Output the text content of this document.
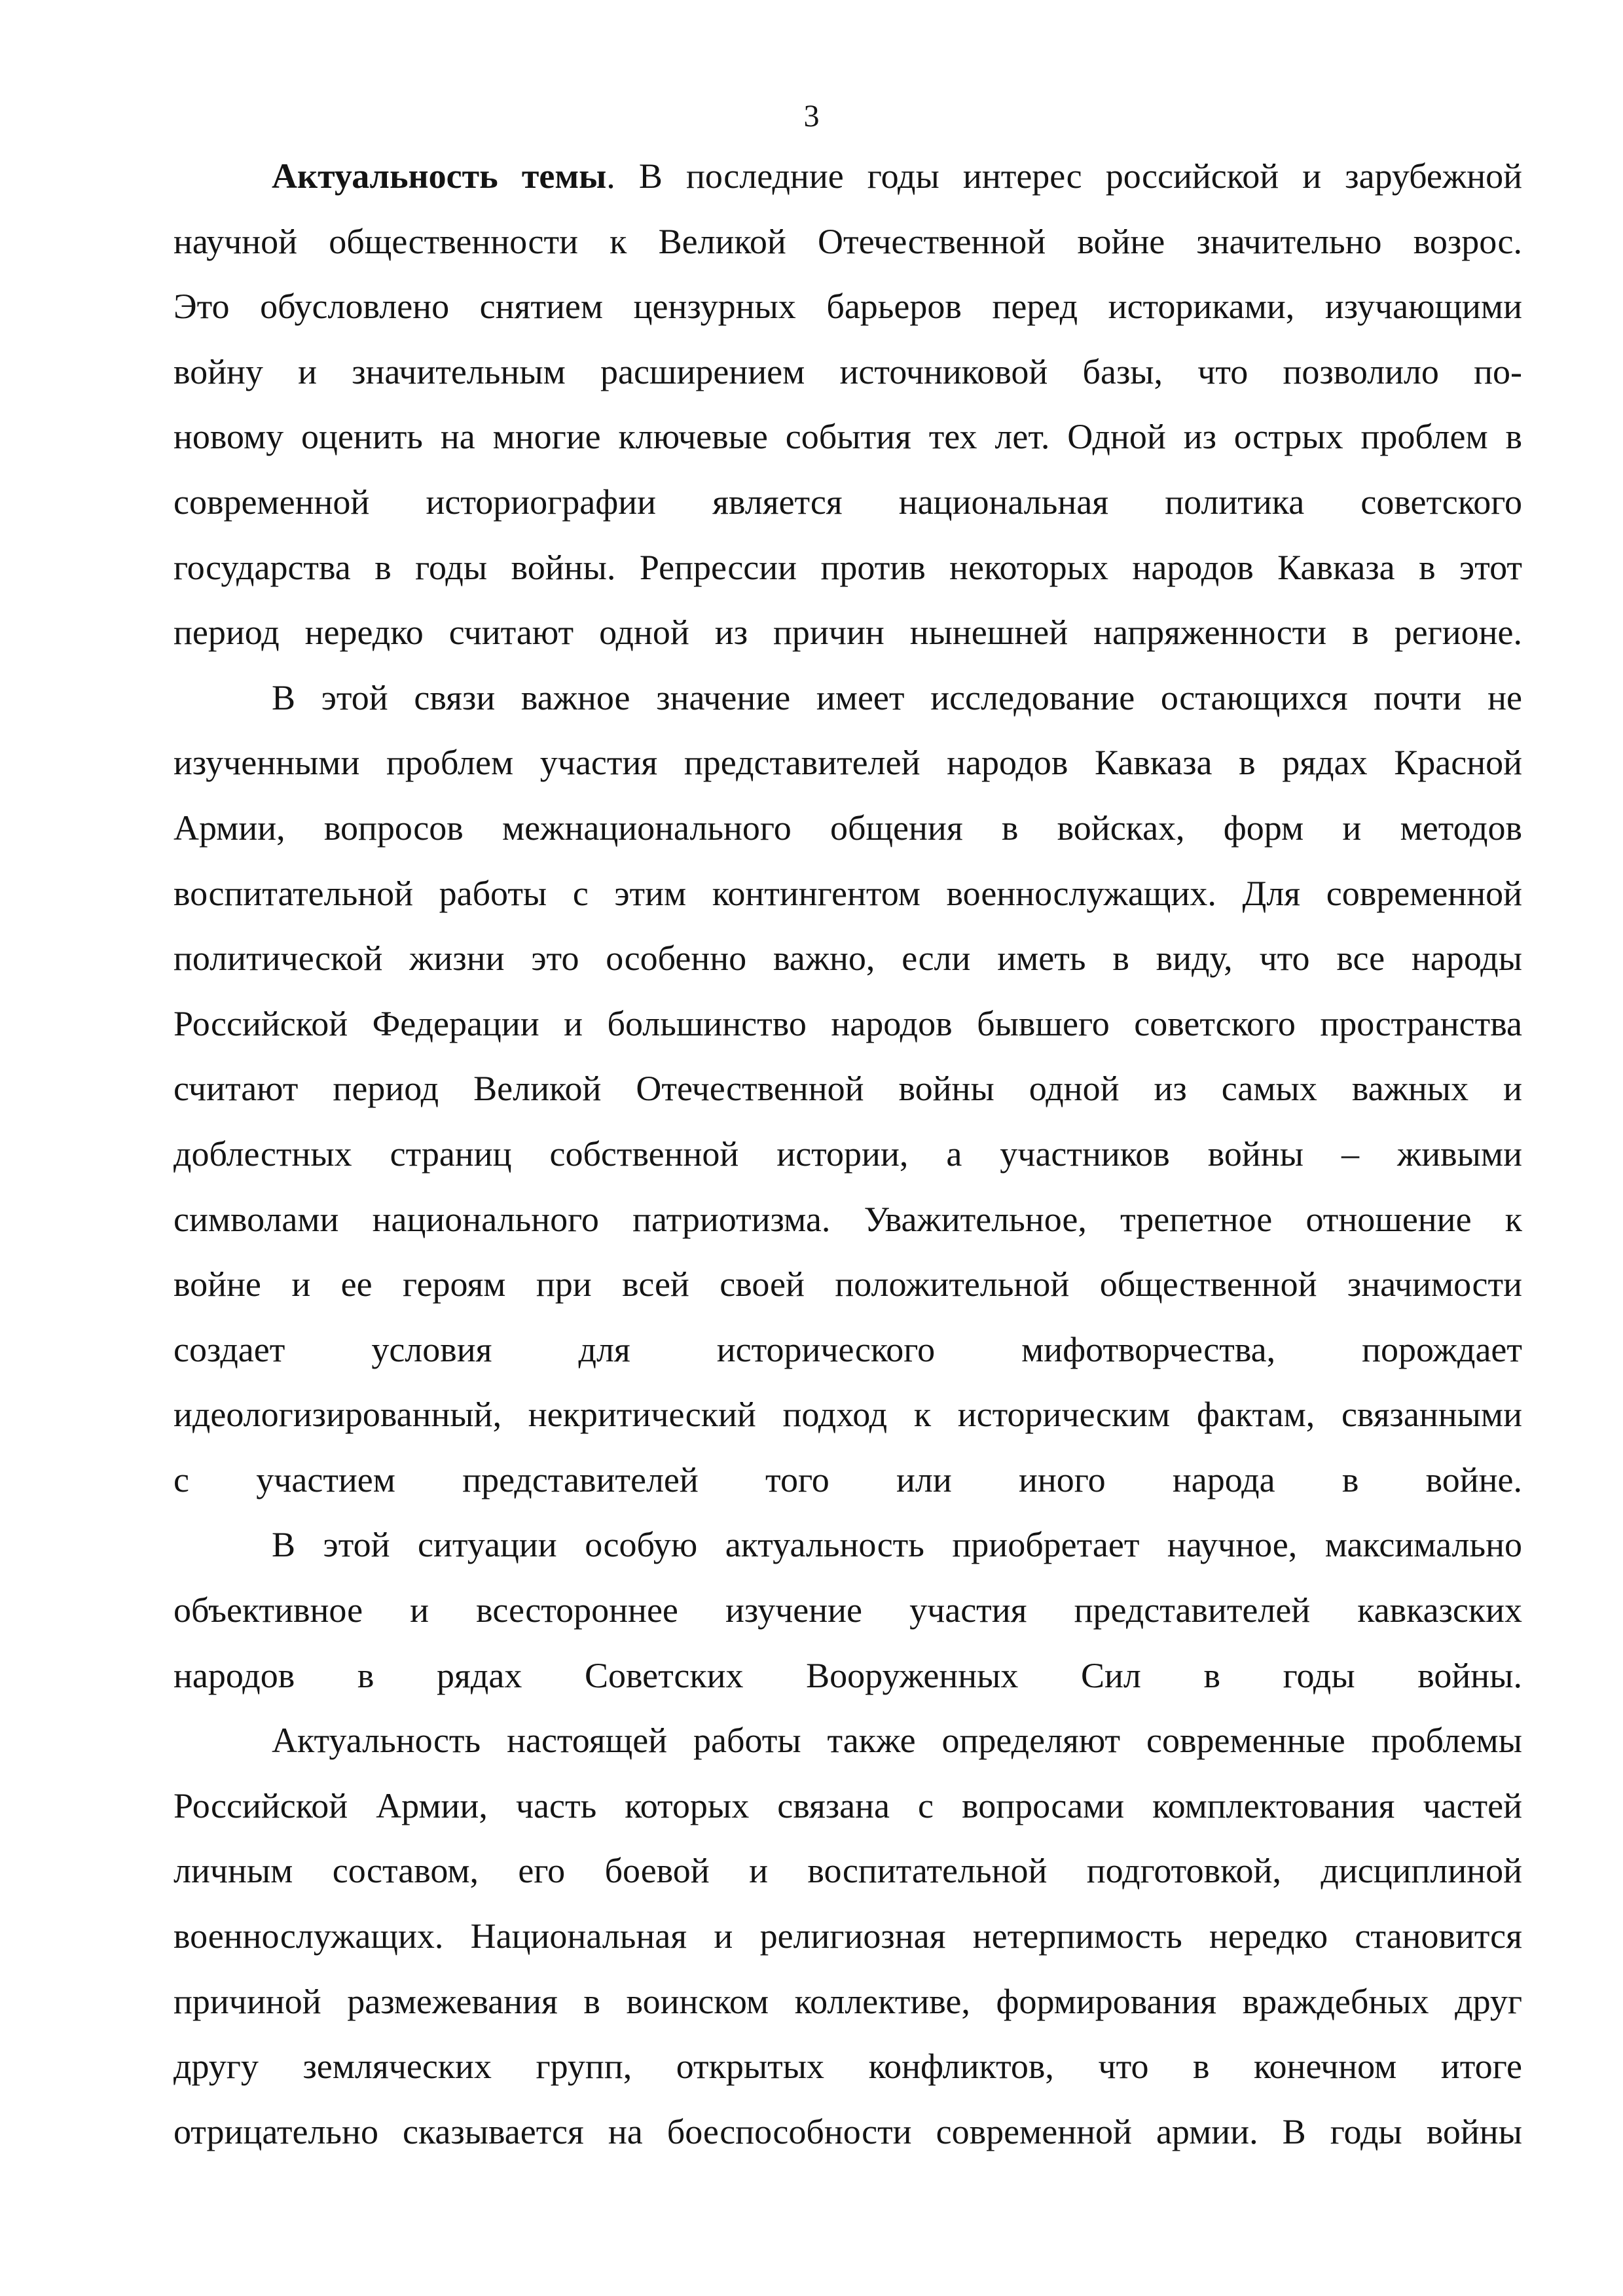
3
Актуальность темы. В последние годы интерес российской и зарубежной
научной общественности к Великой Отечественной войне значительно возрос.
Это обусловлено снятием цензурных барьеров перед историками, изучающими
войну и значительным расширением источниковой базы, что позволило по-
новому оценить на многие ключевые события тех лет. Одной из острых проблем в
современной историографии является национальная политика советского
государства в годы войны. Репрессии против некоторых народов Кавказа в этот
период нередко считают одной из причин нынешней напряженности в регионе.
В этой связи важное значение имеет исследование остающихся почти не
изученными проблем участия представителей народов Кавказа в рядах Красной
Армии, вопросов межнационального общения в войсках, форм и методов
воспитательной работы с этим контингентом военнослужащих. Для современной
политической жизни это особенно важно, если иметь в виду, что все народы
Российской Федерации и большинство народов бывшего советского пространства
считают период Великой Отечественной войны одной из самых важных и
доблестных страниц собственной истории, а участников войны – живыми
символами национального патриотизма. Уважительное, трепетное отношение к
войне и ее героям при всей своей положительной общественной значимости
создает условия для исторического мифотворчества, порождает
идеологизированный, некритический подход к историческим фактам, связанными
с участием представителей того или иного народа в войне.
В этой ситуации особую актуальность приобретает научное, максимально
объективное и всестороннее изучение участия представителей кавказских
народов в рядах Советских Вооруженных Сил в годы войны.
Актуальность настоящей работы также определяют современные проблемы
Российской Армии, часть которых связана с вопросами комплектования частей
личным составом, его боевой и воспитательной подготовкой, дисциплиной
военнослужащих. Национальная и религиозная нетерпимость нередко становится
причиной размежевания в воинском коллективе, формирования враждебных друг
другу землячеcких групп, открытых конфликтов, что в конечном итоге
отрицательно сказывается на боеспособности современной армии. В годы войны
